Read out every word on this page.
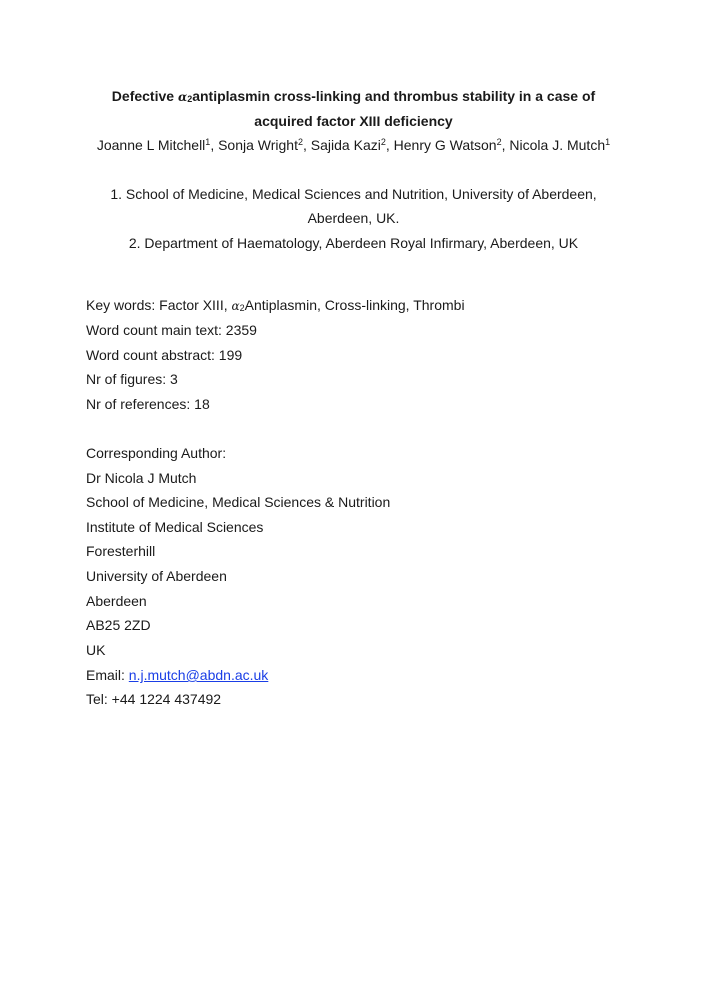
Defective α2antiplasmin cross-linking and thrombus stability in a case of
acquired factor XIII deficiency
Joanne L Mitchell$^1$, Sonja Wright$^2$, Sajida Kazi$^2$, Henry G Watson$^2$, Nicola J. Mutch$^1$
1. School of Medicine, Medical Sciences and Nutrition, University of Aberdeen,
Aberdeen, UK.
2. Department of Haematology, Aberdeen Royal Infirmary, Aberdeen, UK
Key words: Factor XIII, α2Antiplasmin, Cross-linking, Thrombi
Word count main text: 2359
Word count abstract: 199
Nr of figures: 3
Nr of references: 18
Corresponding Author:
Dr Nicola J Mutch
School of Medicine, Medical Sciences & Nutrition
Institute of Medical Sciences
Foresterhill
University of Aberdeen
Aberdeen
AB25 2ZD
UK
Email: n.j.mutch@abdn.ac.uk
Tel: +44 1224 437492
